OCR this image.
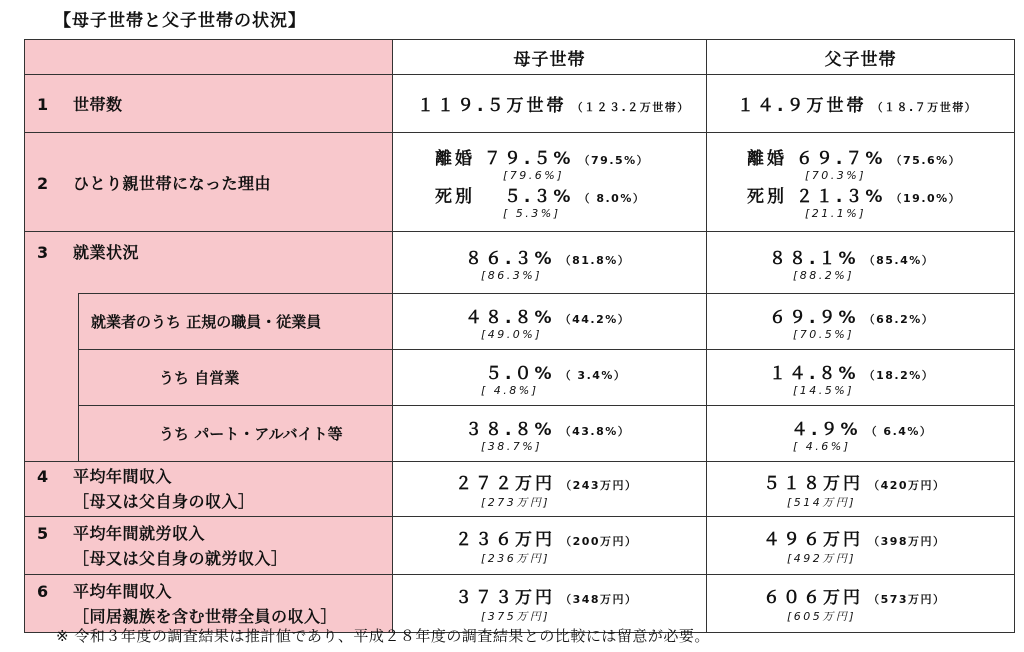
【母子世帯と父子世帯の状況】
		母子世帯	父子世帯
1 世帯数		１１９.５万世帯 （１２３.２万世帯）	１４.９万世帯 （１８.７万世帯）

2 ひとり親世帯になった理由		離婚 ７９.５% （79.5%）
[79.6%]
死別 　５.３% （ 8.0%）
[ 5.3%]	離婚 ６９.７% （75.6%）
[70.3%]
死別 ２１.３% （19.0%）
[21.1%]

3 就業状況		８６.３% （81.8%）
[86.3%]	８８.１% （85.4%）
[88.2%]

	就業者のうち 正規の職員・従業員	４８.８% （44.2%）
[49.0%]	６９.９% （68.2%）
[70.5%]

	うち 自営業	５.０% （ 3.4%）
[ 4.8%]	１４.８% （18.2%）
[14.5%]

	うち パート・アルバイト等	３８.８% （43.8%）
[38.7%]	４.９% （ 6.4%）
[ 4.6%]

4 平均年間収入
［母又は父自身の収入］		２７２万円 （243万円）
[273万円]	５１８万円 （420万円）
[514万円]

5 平均年間就労収入
［母又は父自身の就労収入］		２３６万円 （200万円）
[236万円]	４９６万円 （398万円）
[492万円]

6 平均年間収入
［同居親族を含む世帯全員の収入］		３７３万円 （348万円）
[375万円]	６０６万円 （573万円）
[605万円]
※ 令和３年度の調査結果は推計値であり、平成２８年度の調査結果との比較には留意が必要。
